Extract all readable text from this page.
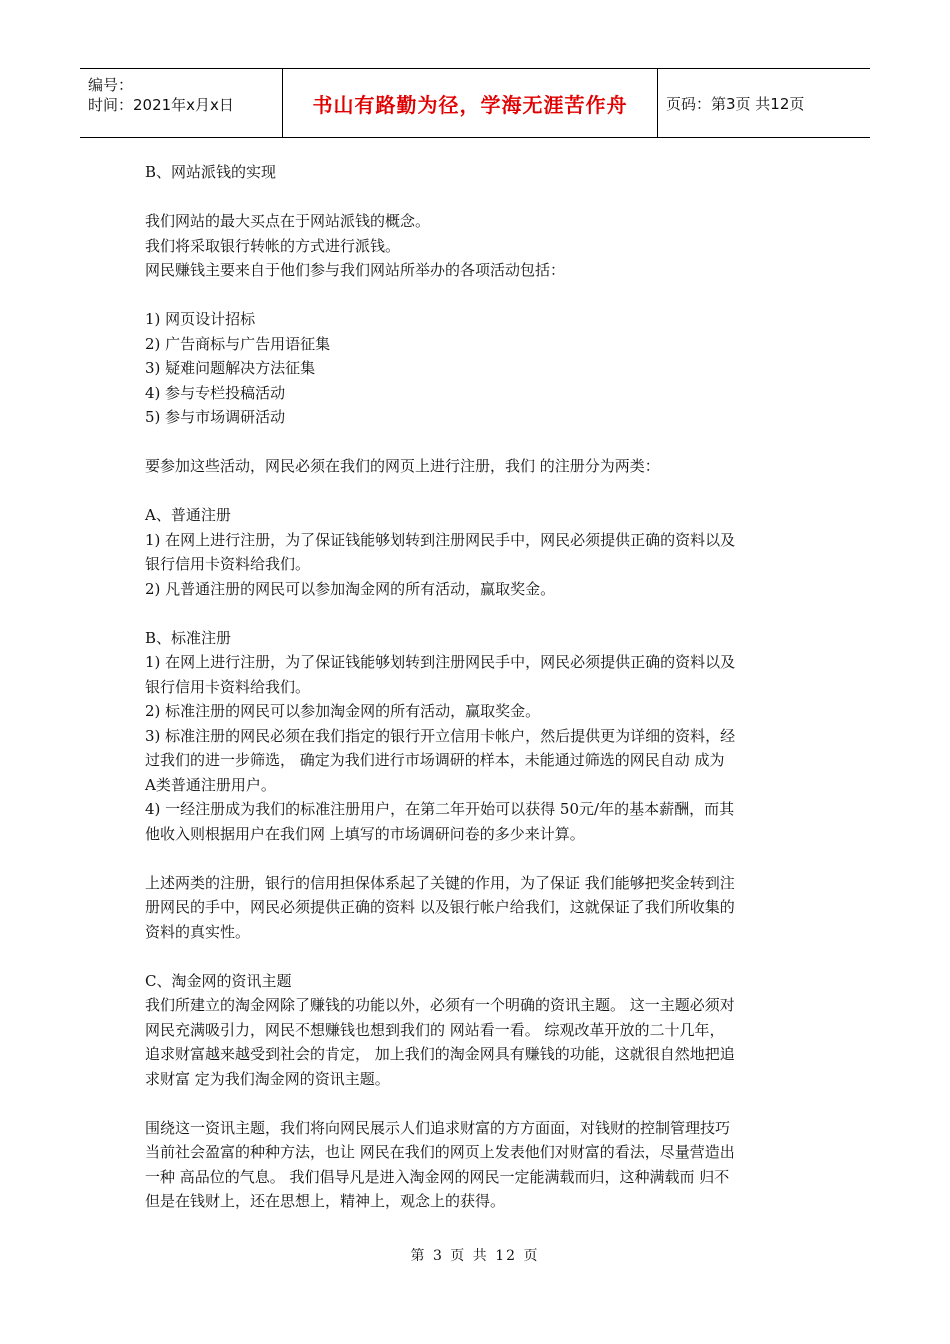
编号：
时间：2021年x月x日	书山有路勤为径，学海无涯苦作舟	页码：第3页 共12页
B、网站派钱的实现
我们网站的最大买点在于网站派钱的概念。
我们将采取银行转帐的方式进行派钱。
网民赚钱主要来自于他们参与我们网站所举办的各项活动包括：
1) 网页设计招标
2) 广告商标与广告用语征集
3) 疑难问题解决方法征集
4) 参与专栏投稿活动
5) 参与市场调研活动
要参加这些活动，网民必须在我们的网页上进行注册，我们 的注册分为两类：
A、普通注册
1) 在网上进行注册，为了保证钱能够划转到注册网民手中，网民必须提供正确的资料以及
银行信用卡资料给我们。
2) 凡普通注册的网民可以参加淘金网的所有活动，赢取奖金。
B、标准注册
1) 在网上进行注册，为了保证钱能够划转到注册网民手中，网民必须提供正确的资料以及
银行信用卡资料给我们。
2) 标准注册的网民可以参加淘金网的所有活动，赢取奖金。
3) 标准注册的网民必须在我们指定的银行开立信用卡帐户，然后提供更为详细的资料，经
过我们的进一步筛选， 确定为我们进行市场调研的样本，未能通过筛选的网民自动 成为
A类普通注册用户。
4) 一经注册成为我们的标准注册用户，在第二年开始可以获得 50元/年的基本薪酬，而其
他收入则根据用户在我们网 上填写的市场调研问卷的多少来计算。
上述两类的注册，银行的信用担保体系起了关键的作用，为了保证 我们能够把奖金转到注
册网民的手中，网民必须提供正确的资料 以及银行帐户给我们，这就保证了我们所收集的
资料的真实性。
C、淘金网的资讯主题
我们所建立的淘金网除了赚钱的功能以外，必须有一个明确的资讯主题。 这一主题必须对
网民充满吸引力，网民不想赚钱也想到我们的 网站看一看。 综观改革开放的二十几年，
追求财富越来越受到社会的肯定， 加上我们的淘金网具有赚钱的功能，这就很自然地把追
求财富 定为我们淘金网的资讯主题。
围绕这一资讯主题，我们将向网民展示人们追求财富的方方面面，对钱财的控制管理技巧
当前社会盈富的种种方法，也让 网民在我们的网页上发表他们对财富的看法，尽量营造出
一种 高品位的气息。 我们倡导凡是进入淘金网的网民一定能满载而归，这种满载而 归不
但是在钱财上，还在思想上，精神上，观念上的获得。
第 3 页 共 12 页
